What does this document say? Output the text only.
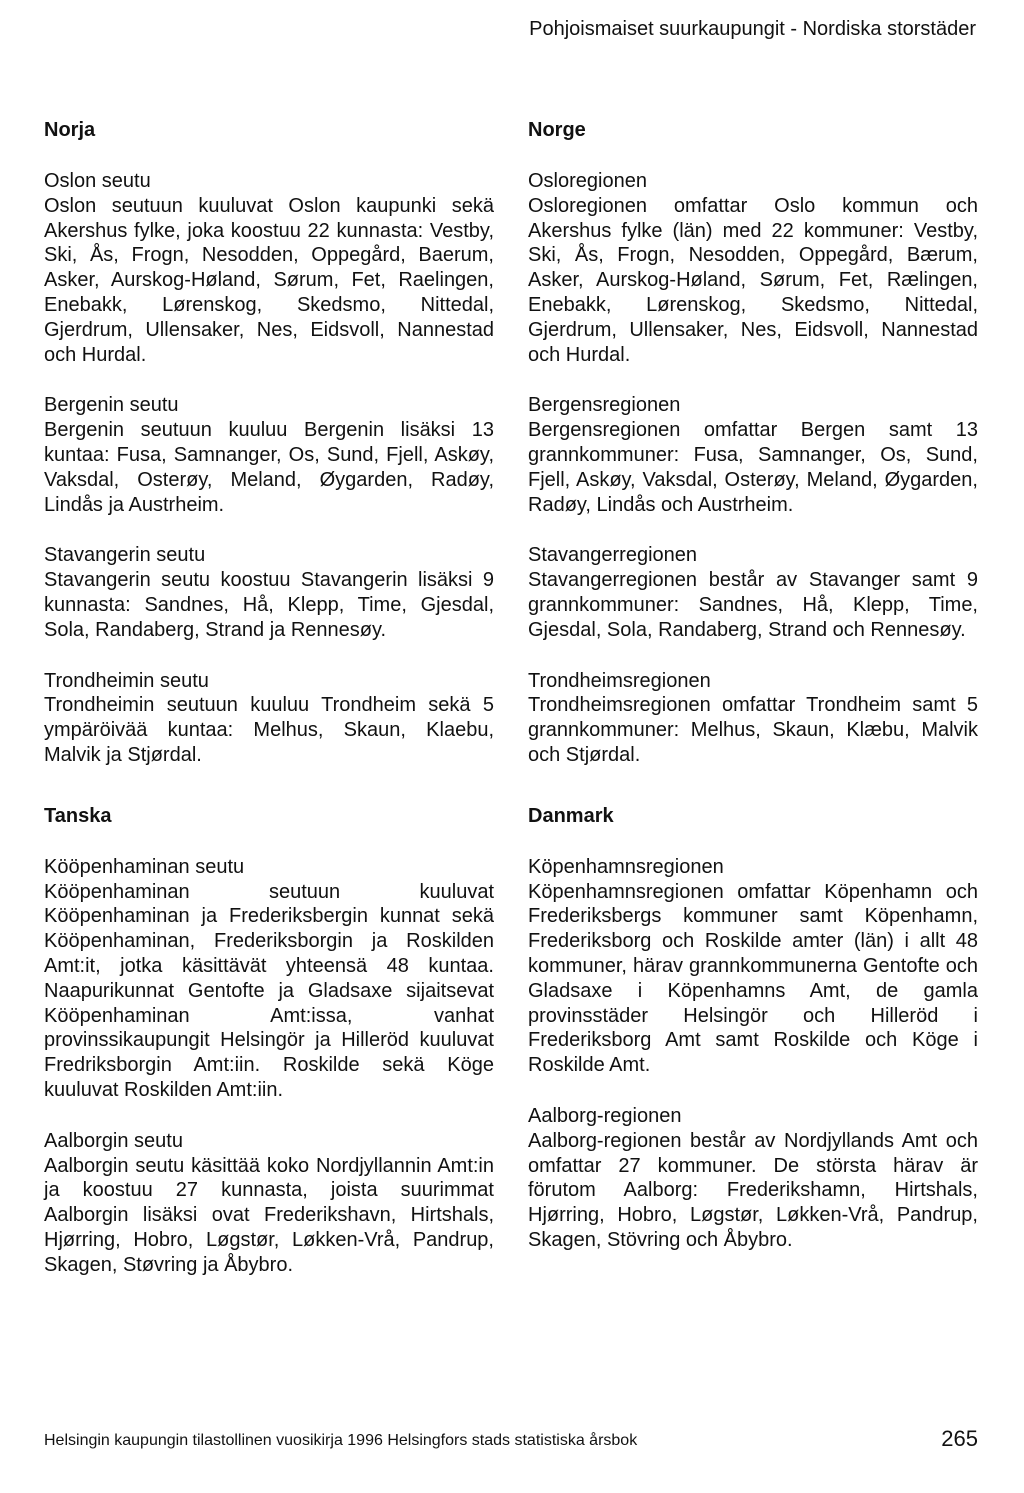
Pohjoismaiset suurkaupungit - Nordiska storstäder
Norja

Oslon seutu

Oslon seutuun kuuluvat Oslon kaupunki sekä Akershus fylke, joka koostuu 22 kunnasta: Vestby, Ski, Ås, Frogn, Nesodden, Oppegård, Baerum, Asker, Aurskog-Høland, Sørum, Fet, Raelingen, Enebakk, Lørenskog, Skedsmo, Nittedal, Gjerdrum, Ullensaker, Nes, Eidsvoll, Nannestad och Hurdal.

Bergenin seutu

Bergenin seutuun kuuluu Bergenin lisäksi 13 kuntaa: Fusa, Samnanger, Os, Sund, Fjell, Askøy, Vaksdal, Osterøy, Meland, Øygarden, Radøy, Lindås ja Austrheim.

Stavangerin seutu

Stavangerin seutu koostuu Stavangerin lisäksi 9 kunnasta: Sandnes, Hå, Klepp, Time, Gjesdal, Sola, Randaberg, Strand ja Rennesøy.

Trondheimin seutu

Trondheimin seutuun kuuluu Trondheim sekä 5 ympäröivää kuntaa: Melhus, Skaun, Klaebu, Malvik ja Stjørdal.

Tanska

Kööpenhaminan seutu

Kööpenhaminan seutuun kuuluvat Kööpenhaminan ja Frederiksbergin kunnat sekä Kööpenhaminan, Frederiksborgin ja Roskilden Amt:it, jotka käsittävät yhteensä 48 kuntaa. Naapurikunnat Gentofte ja Gladsaxe sijaitsevat Kööpenhaminan Amt:issa, vanhat provinssikaupungit Helsingör ja Hilleröd kuuluvat Fredriksborgin Amt:iin. Roskilde sekä Köge kuuluvat Roskilden Amt:iin.

Aalborgin seutu

Aalborgin seutu käsittää koko Nordjyllannin Amt:in ja koostuu 27 kunnasta, joista suurimmat Aalborgin lisäksi ovat Frederikshavn, Hirtshals, Hjørring, Hobro, Løgstør, Løkken-Vrå, Pandrup, Skagen, Støvring ja Åbybro.

Norge

Osloregionen

Osloregionen omfattar Oslo kommun och Akershus fylke (län) med 22 kommuner: Vestby, Ski, Ås, Frogn, Nesodden, Oppegård, Bærum, Asker, Aurskog-Høland, Sørum, Fet, Rælingen, Enebakk, Lørenskog, Skedsmo, Nittedal, Gjerdrum, Ullensaker, Nes, Eidsvoll, Nannestad och Hurdal.

Bergensregionen

Bergensregionen omfattar Bergen samt 13 grannkommuner: Fusa, Samnanger, Os, Sund, Fjell, Askøy, Vaksdal, Osterøy, Meland, Øygarden, Radøy, Lindås och Austrheim.

Stavangerregionen

Stavangerregionen består av Stavanger samt 9 grannkommuner: Sandnes, Hå, Klepp, Time, Gjesdal, Sola, Randaberg, Strand och Rennesøy.

Trondheimsregionen

Trondheimsregionen omfattar Trondheim samt 5 grannkommuner: Melhus, Skaun, Klæbu, Malvik och Stjørdal.

Danmark

Köpenhamnsregionen

Köpenhamnsregionen omfattar Köpenhamn och Frederiksbergs kommuner samt Köpenhamn, Frederiksborg och Roskilde amter (län) i allt 48 kommuner, härav grannkommunerna Gentofte och Gladsaxe i Köpenhamns Amt, de gamla provinsstäder Helsingör och Hilleröd i Frederiksborg Amt samt Roskilde och Köge i Roskilde Amt.

Aalborg-regionen

Aalborg-regionen består av Nordjyllands Amt och omfattar 27 kommuner. De största härav är förutom Aalborg: Frederikshamn, Hirtshals, Hjørring, Hobro, Løgstør, Løkken-Vrå, Pandrup, Skagen, Stövring och Åbybro.

Helsingin kaupungin tilastollinen vuosikirja 1996 Helsingfors stads statistiska årsbok	265
